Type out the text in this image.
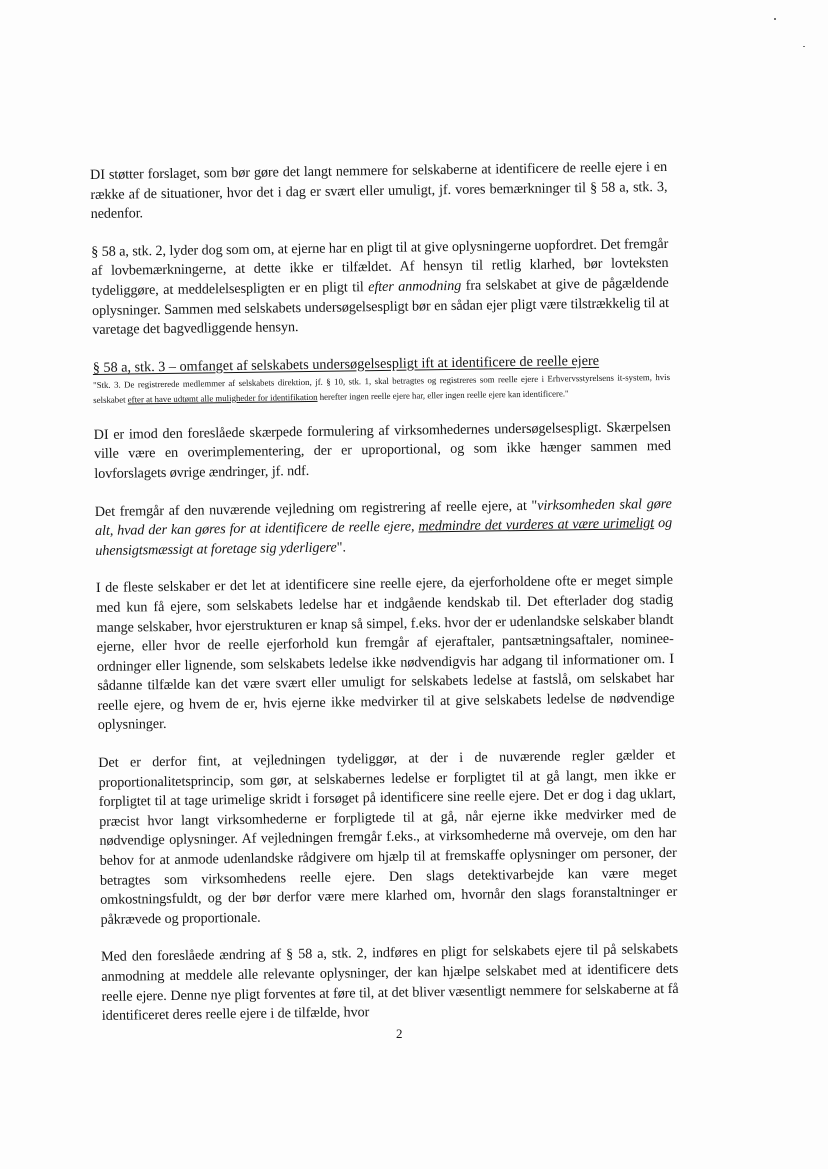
DI støtter forslaget, som bør gøre det langt nemmere for selskaberne at identificere de reelle ejere i en række af de situationer, hvor det i dag er svært eller umuligt, jf. vores bemærkninger til § 58 a, stk. 3, nedenfor.

§ 58 a, stk. 2, lyder dog som om, at ejerne har en pligt til at give oplysningerne uopfordret. Det fremgår af lovbemærkningerne, at dette ikke er tilfældet. Af hensyn til retlig klarhed, bør lovteksten tydeliggøre, at meddelelsespligten er en pligt til efter anmodning fra selskabet at give de pågældende oplysninger. Sammen med selskabets undersøgelsespligt bør en sådan ejer pligt være tilstrækkelig til at varetage det bagvedliggende hensyn.

§ 58 a, stk. 3 – omfanget af selskabets undersøgelsespligt ift at identificere de reelle ejere

"Stk. 3. De registrerede medlemmer af selskabets direktion, jf. § 10, stk. 1, skal betragtes og registreres som reelle ejere i Erhvervsstyrelsens it-system, hvis selskabet efter at have udtømt alle muligheder for identifikation herefter ingen reelle ejere har, eller ingen reelle ejere kan identificere."

DI er imod den foreslåede skærpede formulering af virksomhedernes undersøgelsespligt. Skærpelsen ville være en overimplementering, der er uproportional, og som ikke hænger sammen med lovforslagets øvrige ændringer, jf. ndf.

Det fremgår af den nuværende vejledning om registrering af reelle ejere, at "virksomheden skal gøre alt, hvad der kan gøres for at identificere de reelle ejere, medmindre det vurderes at være urimeligt og uhensigtsmæssigt at foretage sig yderligere".

I de fleste selskaber er det let at identificere sine reelle ejere, da ejerforholdene ofte er meget simple med kun få ejere, som selskabets ledelse har et indgående kendskab til. Det efterlader dog stadig mange selskaber, hvor ejerstrukturen er knap så simpel, f.eks. hvor der er udenlandske selskaber blandt ejerne, eller hvor de reelle ejerforhold kun fremgår af ejeraftaler, pantsætningsaftaler, nominee-ordninger eller lignende, som selskabets ledelse ikke nødvendigvis har adgang til informationer om. I sådanne tilfælde kan det være svært eller umuligt for selskabets ledelse at fastslå, om selskabet har reelle ejere, og hvem de er, hvis ejerne ikke medvirker til at give selskabets ledelse de nødvendige oplysninger.

Det er derfor fint, at vejledningen tydeliggør, at der i de nuværende regler gælder et proportionalitetsprincip, som gør, at selskabernes ledelse er forpligtet til at gå langt, men ikke er forpligtet til at tage urimelige skridt i forsøget på identificere sine reelle ejere. Det er dog i dag uklart, præcist hvor langt virksomhederne er forpligtede til at gå, når ejerne ikke medvirker med de nødvendige oplysninger. Af vejledningen fremgår f.eks., at virksomhederne må overveje, om den har behov for at anmode udenlandske rådgivere om hjælp til at fremskaffe oplysninger om personer, der betragtes som virksomhedens reelle ejere. Den slags detektivarbejde kan være meget omkostningsfuldt, og der bør derfor være mere klarhed om, hvornår den slags foranstaltninger er påkrævede og proportionale.

Med den foreslåede ændring af § 58 a, stk. 2, indføres en pligt for selskabets ejere til på selskabets anmodning at meddele alle relevante oplysninger, der kan hjælpe selskabet med at identificere dets reelle ejere. Denne nye pligt forventes at føre til, at det bliver væsentligt nemmere for selskaberne at få identificeret deres reelle ejere i de tilfælde, hvor

2
